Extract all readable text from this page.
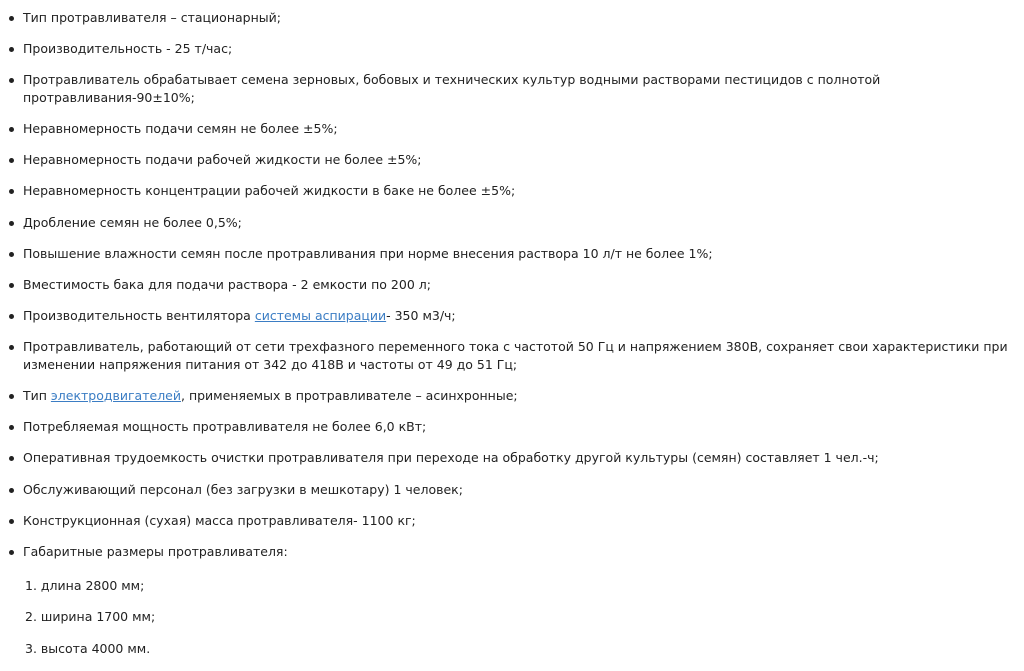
Тип протравливателя – стационарный;
Производительность - 25 т/час;
Протравливатель обрабатывает семена зерновых, бобовых и технических культур водными растворами пестицидов с полнотой протравливания-90±10%;
Неравномерность подачи семян не более ±5%;
Неравномерность подачи рабочей жидкости не более ±5%;
Неравномерность концентрации рабочей жидкости в баке не более ±5%;
Дробление семян не более 0,5%;
Повышение влажности семян после протравливания при норме внесения раствора 10 л/т не более 1%;
Вместимость бака для подачи раствора - 2 емкости по 200 л;
Производительность вентилятора системы аспирации- 350 м3/ч;
Протравливатель, работающий от сети трехфазного переменного тока с частотой 50 Гц и напряжением 380В, сохраняет свои характеристики при изменении напряжения питания от 342 до 418В и частоты от 49 до 51 Гц;
Тип электродвигателей, применяемых в протравливателе – асинхронные;
Потребляемая мощность протравливателя не более 6,0 кВт;
Оперативная трудоемкость очистки протравливателя при переходе на обработку другой культуры (семян) составляет 1 чел.-ч;
Обслуживающий персонал (без загрузки в мешкотару) 1 человек;
Конструкционная (сухая) масса протравливателя- 1100 кг;
Габаритные размеры протравливателя:
1. длина 2800 мм;
2. ширина 1700 мм;
3. высота 4000 мм.
